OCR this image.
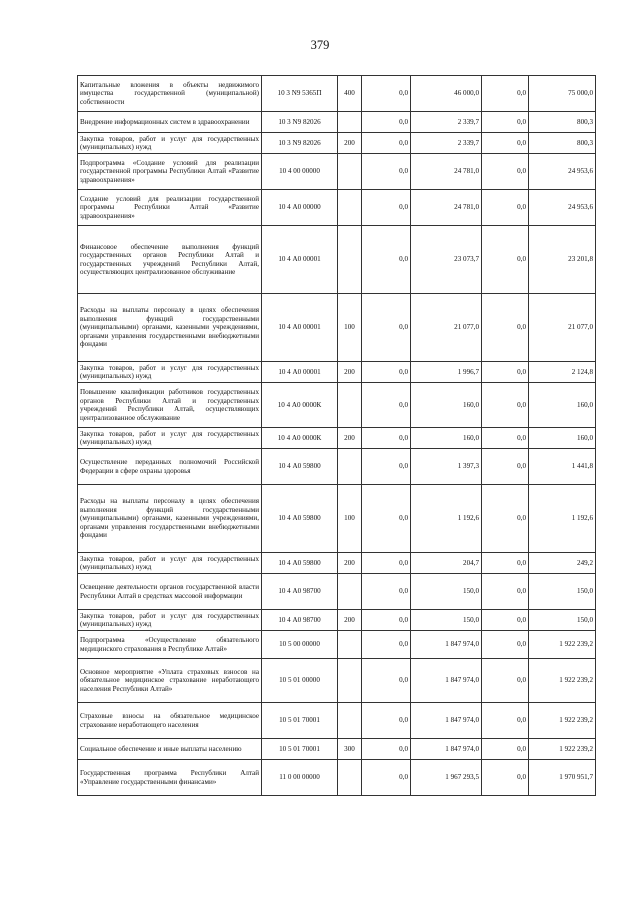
379
Капитальные вложения в объекты недвижимого имущества государственной (муниципальной) собственности	10 3 N9 5365П	400	0,0	46 000,0	0,0	75 000,0
Внедрение информационных систем в здравоохранении	10 3 N9 82026		0,0	2 339,7	0,0	800,3
Закупка товаров, работ и услуг для государственных (муниципальных) нужд	10 3 N9 82026	200	0,0	2 339,7	0,0	800,3
Подпрограмма «Создание условий для реализации государственной программы Республики Алтай «Развитие здравоохранения»	10 4 00 00000		0,0	24 781,0	0,0	24 953,6
Создание условий для реализации государственной программы Республики Алтай «Развитие здравоохранения»	10 4 А0 00000		0,0	24 781,0	0,0	24 953,6
Финансовое обеспечение выполнения функций государственных органов Республики Алтай и государственных учреждений Республики Алтай, осуществляющих централизованное обслуживание	10 4 А0 00001		0,0	23 073,7	0,0	23 201,8
Расходы на выплаты персоналу в целях обеспечения выполнения функций государственными (муниципальными) органами, казенными учреждениями, органами управления государственными внебюджетными фондами	10 4 А0 00001	100	0,0	21 077,0	0,0	21 077,0
Закупка товаров, работ и услуг для государственных (муниципальных) нужд	10 4 А0 00001	200	0,0	1 996,7	0,0	2 124,8
Повышение квалификации работников государственных органов Республики Алтай и государственных учреждений Республики Алтай, осуществляющих централизованное обслуживание	10 4 А0 0000К		0,0	160,0	0,0	160,0
Закупка товаров, работ и услуг для государственных (муниципальных) нужд	10 4 А0 0000К	200	0,0	160,0	0,0	160,0
Осуществление переданных полномочий Российской Федерации в сфере охраны здоровья	10 4 А0 59800		0,0	1 397,3	0,0	1 441,8
Расходы на выплаты персоналу в целях обеспечения выполнения функций государственными (муниципальными) органами, казенными учреждениями, органами управления государственными внебюджетными фондами	10 4 А0 59800	100	0,0	1 192,6	0,0	1 192,6
Закупка товаров, работ и услуг для государственных (муниципальных) нужд	10 4 А0 59800	200	0,0	204,7	0,0	249,2
Освещение деятельности органов государственной власти Республики Алтай в средствах массовой информации	10 4 А0 98700		0,0	150,0	0,0	150,0
Закупка товаров, работ и услуг для государственных (муниципальных) нужд	10 4 А0 98700	200	0,0	150,0	0,0	150,0
Подпрограмма «Осуществление обязательного медицинского страхования в Республике Алтай»	10 5 00 00000		0,0	1 847 974,0	0,0	1 922 239,2
Основное мероприятие «Уплата страховых взносов на обязательное медицинское страхование неработающего населения Республики Алтай»	10 5 01 00000		0,0	1 847 974,0	0,0	1 922 239,2
Страховые взносы на обязательное медицинское страхование неработающего населения	10 5 01 70001		0,0	1 847 974,0	0,0	1 922 239,2
Социальное обеспечение и иные выплаты населению	10 5 01 70001	300	0,0	1 847 974,0	0,0	1 922 239,2
Государственная программа Республики Алтай «Управление государственными финансами»	11 0 00 00000		0,0	1 967 293,5	0,0	1 970 951,7
